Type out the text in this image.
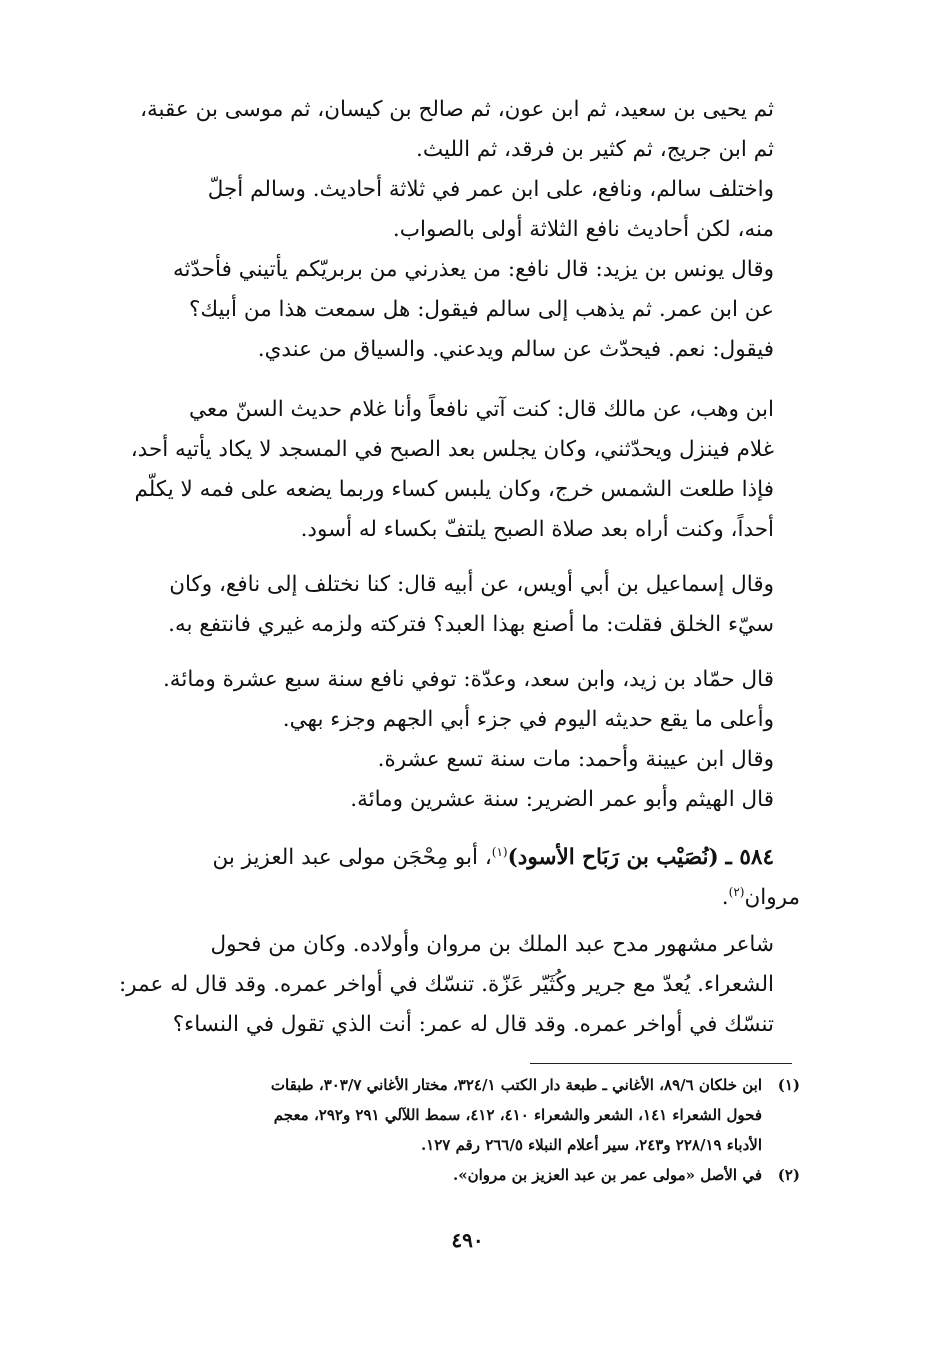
ثم يحيى بن سعيد، ثم ابن عون، ثم صالح بن كيسان، ثم موسى بن عقبة،
ثم ابن جريج، ثم كثير بن فرقد، ثم الليث.
واختلف سالم، ونافع، على ابن عمر في ثلاثة أحاديث. وسالم أجلّ
منه، لكن أحاديث نافع الثلاثة أولى بالصواب.
وقال يونس بن يزيد: قال نافع: من يعذرني من بربريّكم يأتيني فأحدّثه
عن ابن عمر. ثم يذهب إلى سالم فيقول: هل سمعت هذا من أبيك؟
فيقول: نعم. فيحدّث عن سالم ويدعني. والسياق من عندي.
ابن وهب، عن مالك قال: كنت آتي نافعاً وأنا غلام حديث السنّ معي
غلام فينزل ويحدّثني، وكان يجلس بعد الصبح في المسجد لا يكاد يأتيه أحد،
فإذا طلعت الشمس خرج، وكان يلبس كساء وربما يضعه على فمه لا يكلّم
أحداً، وكنت أراه بعد صلاة الصبح يلتفّ بكساء له أسود.
وقال إسماعيل بن أبي أويس، عن أبيه قال: كنا نختلف إلى نافع، وكان
سيّء الخلق فقلت: ما أصنع بهذا العبد؟ فتركته ولزمه غيري فانتفع به.
قال حمّاد بن زيد، وابن سعد، وعدّة: توفي نافع سنة سبع عشرة ومائة.
وأعلى ما يقع حديثه اليوم في جزء أبي الجهم وجزء بهي.
وقال ابن عيينة وأحمد: مات سنة تسع عشرة.
قال الهيثم وأبو عمر الضرير: سنة عشرين ومائة.
٥٨٤ ـ (نُصَيْب بن رَبَاح الأسود)$^{(١)}$، أبو مِحْجَن مولى عبد العزيز بن
مروان$^{(٢)}$.
شاعر مشهور مدح عبد الملك بن مروان وأولاده. وكان من فحول
الشعراء. يُعدّ مع جرير وكُثَيّر عَزّة. تنسّك في أواخر عمره. وقد قال له عمر:
تنسّك في أواخر عمره. وقد قال له عمر: أنت الذي تقول في النساء؟
(١)
ابن خلكان ٨٩/٦، الأغاني ـ طبعة دار الكتب ٣٢٤/١، مختار الأغاني ٣٠٣/٧، طبقات
فحول الشعراء ١٤١، الشعر والشعراء ٤١٠، ٤١٢، سمط اللآلي ٢٩١ و٢٩٢، معجم
الأدباء ٢٢٨/١٩ و٢٤٣، سير أعلام النبلاء ٢٦٦/٥ رقم ١٢٧.
(٢)
في الأصل «مولى عمر بن عبد العزيز بن مروان».
٤٩٠
